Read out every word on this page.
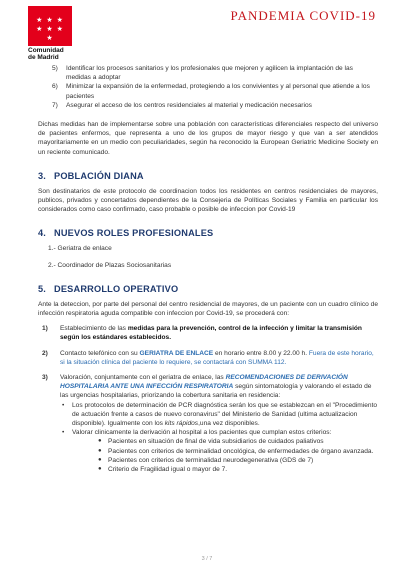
★ ★ ★
★ ★ ★
★
Comunidad
de Madrid
PANDEMIA COVID-19

5) Identificar los procesos sanitarios y los profesionales que mejoren y agilicen la implantación de las medidas a adoptar

6) Minimizar la expansión de la enfermedad, protegiendo a los convivientes y al personal que atiende a los pacientes

7) Asegurar el acceso de los centros residenciales al material y medicación necesarios

Dichas medidas han de implementarse sobre una población con características diferenciales respecto del universo de pacientes enfermos, que representa a uno de los grupos de mayor riesgo y que van a ser atendidos mayoritariamente en un medio con peculiaridades, según ha reconocido la European Geriatric Medicine Society en un reciente comunicado.

3. POBLACIÓN DIANA

Son destinatarios de este protocolo de coordinacion todos los residentes en centros residenciales de mayores, publicos, privados y concertados dependientes de la Consejeria de Políticas Sociales y Familia en particular los considerados como caso confirmado, caso probable o posible de infeccion por Covid-19

4. NUEVOS ROLES PROFESIONALES

1.- Geriatra de enlace

2.- Coordinador de Plazas Sociosanitarias

5. DESARROLLO OPERATIVO

Ante la deteccion, por parte del personal del centro residencial de mayores, de un paciente con un cuadro clínico de infección respiratoria aguda compatible con infeccion por Covid-19, se procederá con:

1) Establecimiento de las medidas para la prevención, control de la infección y limitar la transmisión según los estándares establecidos.

2) Contacto telefónico con su GERIATRA DE ENLACE en horario entre 8.00 y 22.00 h. Fuera de este horario, si la situación clínica del paciente lo requiere, se contactará con SUMMA 112.

3) Valoración, conjuntamente con el geriatra de enlace, las RECOMENDACIONES DE DERIVACIÓN HOSPITALARIA ANTE UNA INFECCIÓN RESPIRATORIA según sintomatología y valorando el estado de las urgencias hospitalarias, priorizando la cobertura sanitaria en residencia:

• Los protocolos de determinación de PCR diagnóstica serán los que se establezcan en el "Procedimiento de actuación frente a casos de nuevo coronavirus" del Ministerio de Sanidad (ultima actualizacion disponible). Igualmente con los kits rápidos,una vez disponibles.

• Valorar clinicamente la derivación al hospital a los pacientes que cumplan estos criterios:

● Pacientes en situación de final de vida subsidiarios de cuidados paliativos

● Pacientes con criterios de terminalidad oncológica, de enfermedades de órgano avanzada.

● Pacientes con criterios de terminalidad neurodegenerativa (GDS de 7)

● Criterio de Fragilidad igual o mayor de 7.

3 / 7
